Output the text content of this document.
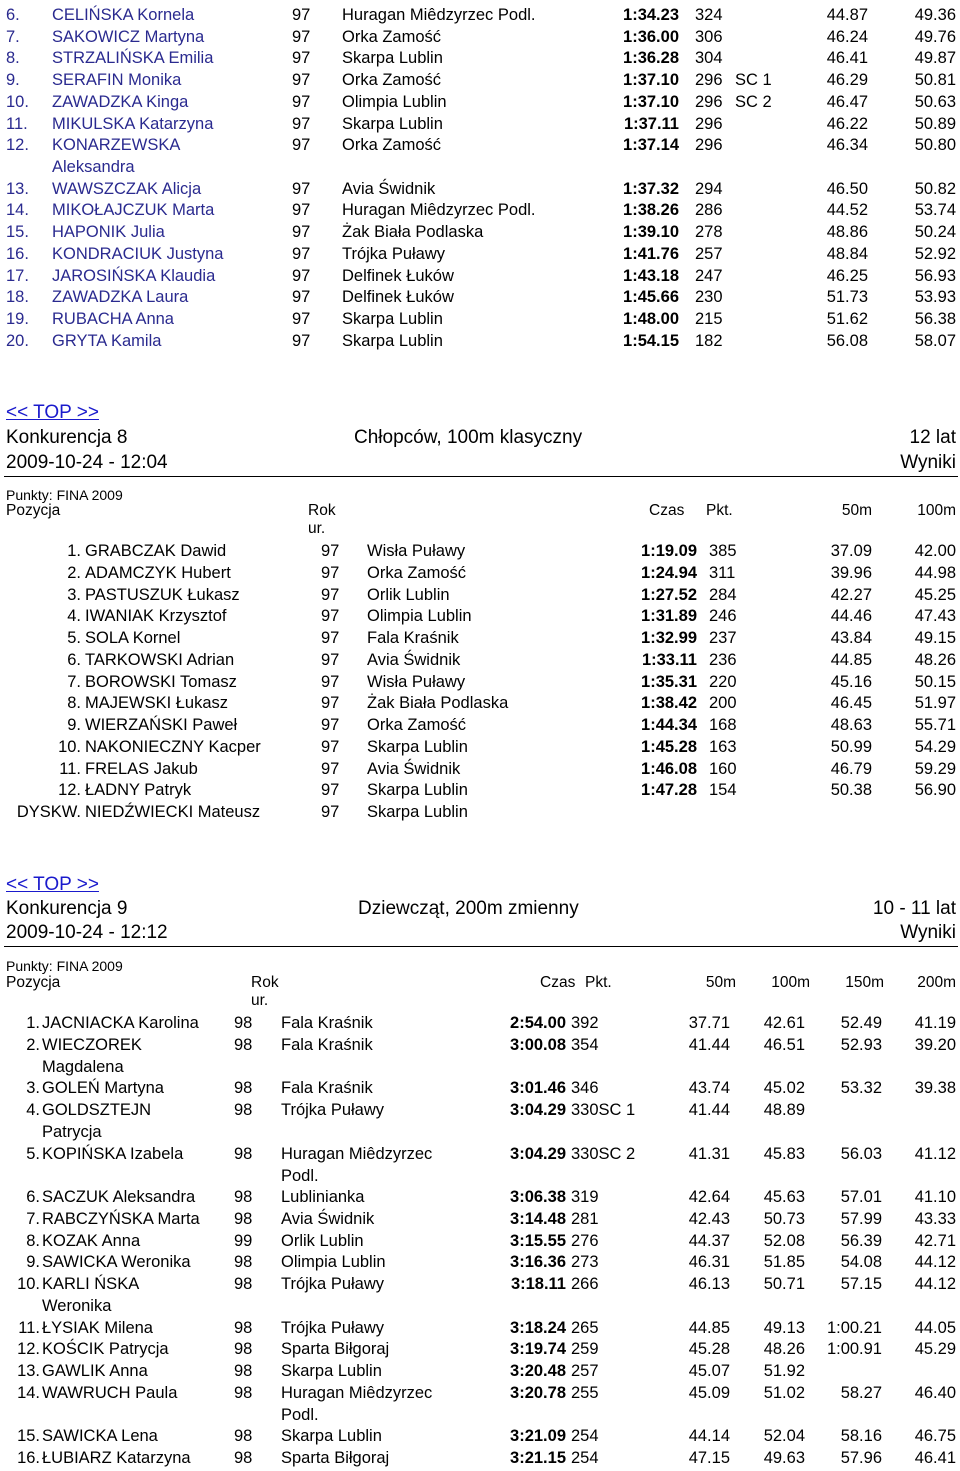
6. CELIŃSKA Kornela	97 Huragan Miêdzyrzec Podl.	1:34.23 324	44.87	49.36
7. SAKOWICZ Martyna	97 Orka Zamość	1:36.00 306	46.24	49.76
8. STRZALIŃSKA Emilia	97 Skarpa Lublin	1:36.28 304	46.41	49.87
9. SERAFIN Monika	97 Orka Zamość	1:37.10 296 SC 1	46.29	50.81
10. ZAWADZKA Kinga	97 Olimpia Lublin	1:37.10 296 SC 2	46.47	50.63
11. MIKULSKA Katarzyna	97 Skarpa Lublin	1:37.11 296	46.22	50.89
12. KONARZEWSKA	97 Orka Zamość	1:37.14 296	46.34	50.80
Aleksandra
13. WAWSZCZAK Alicja	97 Avia Świdnik	1:37.32 294	46.50	50.82
14. MIKOŁAJCZUK Marta	97 Huragan Miêdzyrzec Podl.	1:38.26 286	44.52	53.74
15. HAPONIK Julia	97 Żak Biała Podlaska	1:39.10 278	48.86	50.24
16. KONDRACIUK Justyna	97 Trójka Puławy	1:41.76 257	48.84	52.92
17. JAROSIŃSKA Klaudia	97 Delfinek Łuków	1:43.18 247	46.25	56.93
18. ZAWADZKA Laura	97 Delfinek Łuków	1:45.66 230	51.73	53.93
19. RUBACHA Anna	97 Skarpa Lublin	1:48.00 215	51.62	56.38
20. GRYTA Kamila	97 Skarpa Lublin	1:54.15 182	56.08	58.07
<< TOP >>
Konkurencja 8	Chłopców, 100m klasyczny	12 lat
2009-10-24 - 12:04	Wyniki
Punkty: FINA 2009
Pozycja	Rok	Czas Pkt.	50m	100m
ur.
1. GRABCZAK Dawid	97 Wisła Puławy	1:19.09 385	37.09	42.00
2. ADAMCZYK Hubert	97 Orka Zamość	1:24.94 311	39.96	44.98
3. PASTUSZUK Łukasz	97 Orlik Lublin	1:27.52 284	42.27	45.25
4. IWANIAK Krzysztof	97 Olimpia Lublin	1:31.89 246	44.46	47.43
5. SOLA Kornel	97 Fala Kraśnik	1:32.99 237	43.84	49.15
6. TARKOWSKI Adrian	97 Avia Świdnik	1:33.11 236	44.85	48.26
7. BOROWSKI Tomasz	97 Wisła Puławy	1:35.31 220	45.16	50.15
8. MAJEWSKI Łukasz	97 Żak Biała Podlaska	1:38.42 200	46.45	51.97
9. WIERZAŃSKI Paweł	97 Orka Zamość	1:44.34 168	48.63	55.71
10. NAKONIECZNY Kacper	97 Skarpa Lublin	1:45.28 163	50.99	54.29
11. FRELAS Jakub	97 Avia Świdnik	1:46.08 160	46.79	59.29
12. ŁADNY Patryk	97 Skarpa Lublin	1:47.28 154	50.38	56.90
DYSKW. NIEDŹWIECKI Mateusz	97 Skarpa Lublin
<< TOP >>
Konkurencja 9	Dziewcząt, 200m zmienny	10 - 11 lat
2009-10-24 - 12:12	Wyniki
Punkty: FINA 2009
Pozycja	Rok	Czas Pkt.	50m 100m 150m 200m
ur.
1. JACNIACKA Karolina 98 Fala Kraśnik	2:54.00 392	37.71 42.61 52.49 41.19
2. WIECZOREK	98 Fala Kraśnik	3:00.08 354	41.44 46.51 52.93 39.20
Magdalena
3. GOLEŃ Martyna	98 Fala Kraśnik	3:01.46 346	43.74 45.02 53.32 39.38
4. GOLDSZTEJN	98 Trójka Puławy	3:04.29 330SC 1	41.44 48.89
Patrycja
5. KOPIŃSKA Izabela	98 Huragan Miêdzyrzec	3:04.29 330SC 2	41.31 45.83 56.03 41.12
Podl.
6. SACZUK Aleksandra 98 Lublinianka	3:06.38 319	42.64 45.63 57.01 41.10
7. RABCZYŃSKA Marta 98 Avia Świdnik	3:14.48 281	42.43 50.73 57.99 43.33
8. KOZAK Anna	99 Orlik Lublin	3:15.55 276	44.37 52.08 56.39 42.71
9. SAWICKA Weronika	98 Olimpia Lublin	3:16.36 273	46.31 51.85 54.08 44.12
10. KARLI ŃSKA	98 Trójka Puławy	3:18.11 266	46.13 50.71 57.15 44.12
Weronika
11. ŁYSIAK Milena	98 Trójka Puławy	3:18.24 265	44.85 49.13 1:00.21 44.05
12. KOŚCIK Patrycja	98 Sparta Biłgoraj	3:19.74 259	45.28 48.26 1:00.91 45.29
13. GAWLIK Anna	98 Skarpa Lublin	3:20.48 257	45.07 51.92
14. WAWRUCH Paula	98 Huragan Miêdzyrzec	3:20.78 255	45.09 51.02 58.27 46.40
Podl.
15. SAWICKA Lena	98 Skarpa Lublin	3:21.09 254	44.14 52.04 58.16 46.75
16. ŁUBIARZ Katarzyna	98 Sparta Biłgoraj	3:21.15 254	47.15 49.63 57.96 46.41
